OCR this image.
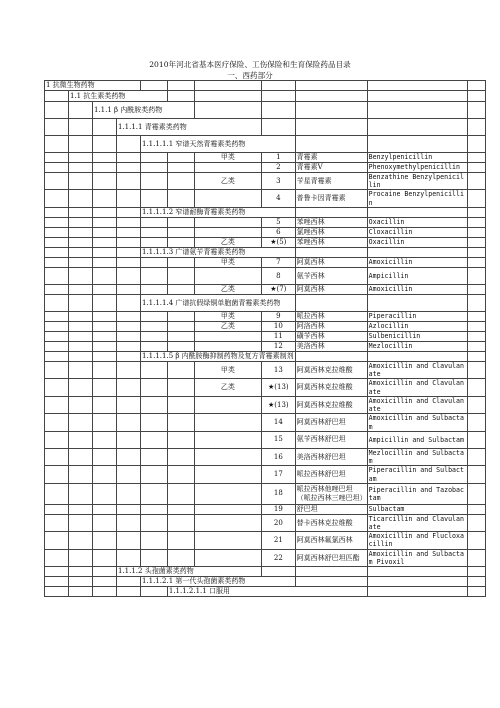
2010年河北省基本医疗保险、工伤保险和生育保险药品目录
一、西药部分
1 抗微生物药物										
	1.1 抗生素类药物									
		1.1.1 β 内酰胺类药物								
			1.1.1.1 青霉素类药物							
				1.1.1.1.1 窄谱天然青霉素类药物						
						甲类	1	青霉素	Benzylpenicillin	
							2	青霉素V	Phenoxymethylpenicillin	
						乙类	3	苄星青霉素	Benzathine Benzylpenicillin	
							4	普鲁卡因青霉素	Procaine Benzylpenicillin	
				1.1.1.1.2 窄谱耐酶青霉素类药物						
							5	苯唑西林	Oxacillin	
							6	氯唑西林	Cloxacillin	
						乙类	★(5)	苯唑西林	Oxacillin	
				1.1.1.1.3 广谱氨苄青霉素类药物						
						甲类	7	阿莫西林	Amoxicillin	
							8	氨苄西林	Ampicillin	
						乙类	★(7)	阿莫西林	Amoxicillin	
				1.1.1.1.4 广谱抗假绿铜单胞菌青霉素类药物						
						甲类	9	哌拉西林	Piperacillin	
						乙类	10	阿洛西林	Azlocillin	
							11	磺苄西林	Sulbenicillin	
							12	美洛西林	Mezlocillin	
				1.1.1.1.5 β 内酰胺酶抑制药物及复方青霉素制剂						
						甲类	13	阿莫西林克拉维酸	Amoxicillin and Clavulanate	
						乙类	★(13)	阿莫西林克拉维酸	Amoxicillin and Clavulanate	
							★(13)	阿莫西林克拉维酸	Amoxicillin and Clavulanate	
							14	阿莫西林舒巴坦	Amoxicillin and Sulbactam	
							15	氨苄西林舒巴坦	Ampicillin and Sulbactam	
							16	美洛西林舒巴坦	Mezlocillin and Sulbactam	
							17	哌拉西林舒巴坦	Piperacillin and Sulbactam	
							18	哌拉西林他唑巴坦（哌拉西林三唑巴坦）	Piperacillin and Tazobactam	
							19	舒巴坦	Sulbactam	
							20	替卡西林克拉维酸	Ticarcillin and Clavulanate	
							21	阿莫西林氟氯西林	Amoxicillin and Flucloxacillin	
							22	阿莫西林舒巴坦匹酯	Amoxicillin and Sulbactam Pivoxil	
			1.1.1.2 头孢菌素类药物							
				1.1.1.2.1 第一代头孢菌素类药物						
					1.1.1.2.1.1 口服用					
